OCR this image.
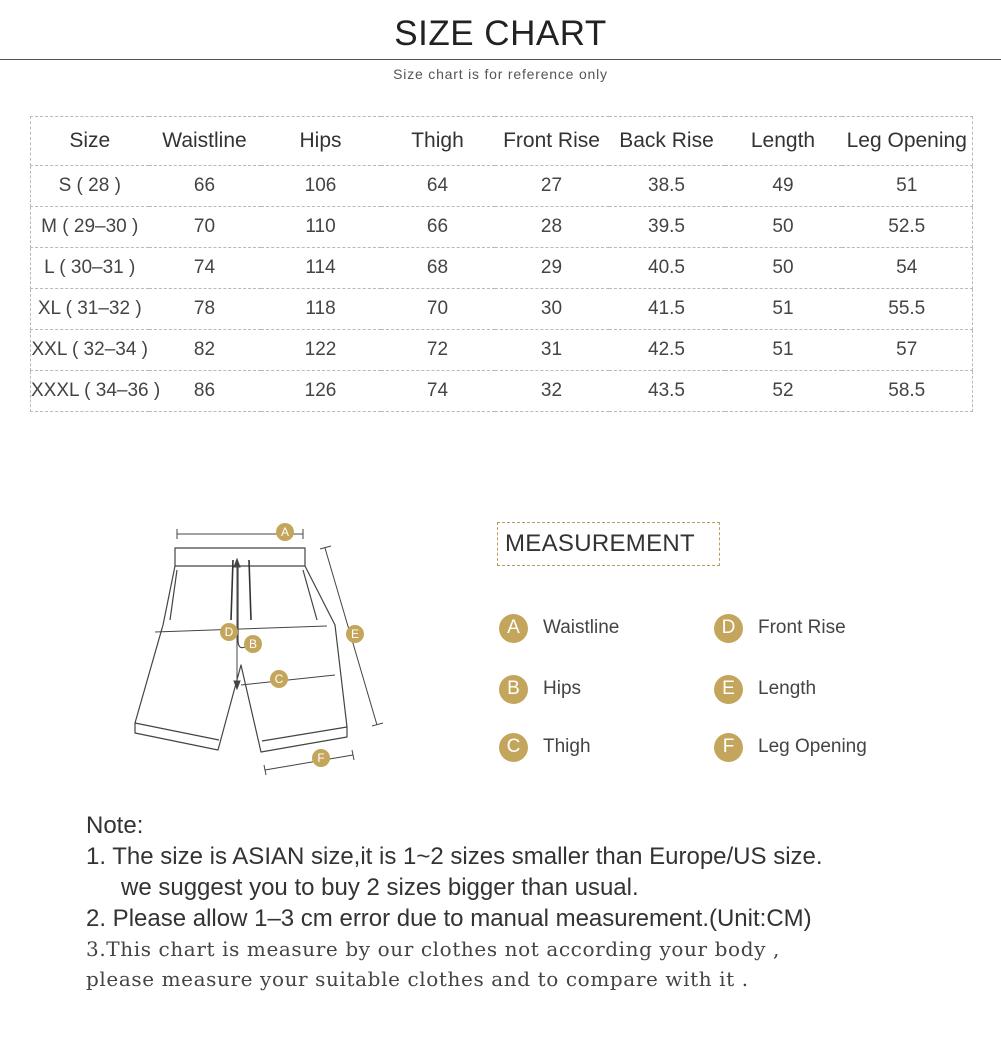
SIZE CHART
Size chart is for reference only
Size	Waistline	Hips	Thigh	Front Rise	Back Rise	Length	Leg Opening
S ( 28 )	66	106	64	27	38.5	49	51
M ( 29–30 )	70	110	66	28	39.5	50	52.5
L ( 30–31 )	74	114	68	29	40.5	50	54
XL ( 31–32 )	78	118	70	30	41.5	51	55.5
XXL ( 32–34 )	82	122	72	31	42.5	51	57
XXXL ( 34–36 )	86	126	74	32	43.5	52	58.5
A
D
B
C
E
F
MEASUREMENT
A	Waistline
B	Hips
C	Thigh
D	Front Rise
E	Length
F	Leg Opening
Note:
1. The size is ASIAN size,it is 1~2 sizes smaller than Europe/US size.
we suggest you to buy 2 sizes bigger than usual.
2. Please allow 1–3 cm error due to manual measurement.(Unit:CM)
3.This chart is measure by our clothes not according your body ,
please measure your suitable clothes and to compare with it .
